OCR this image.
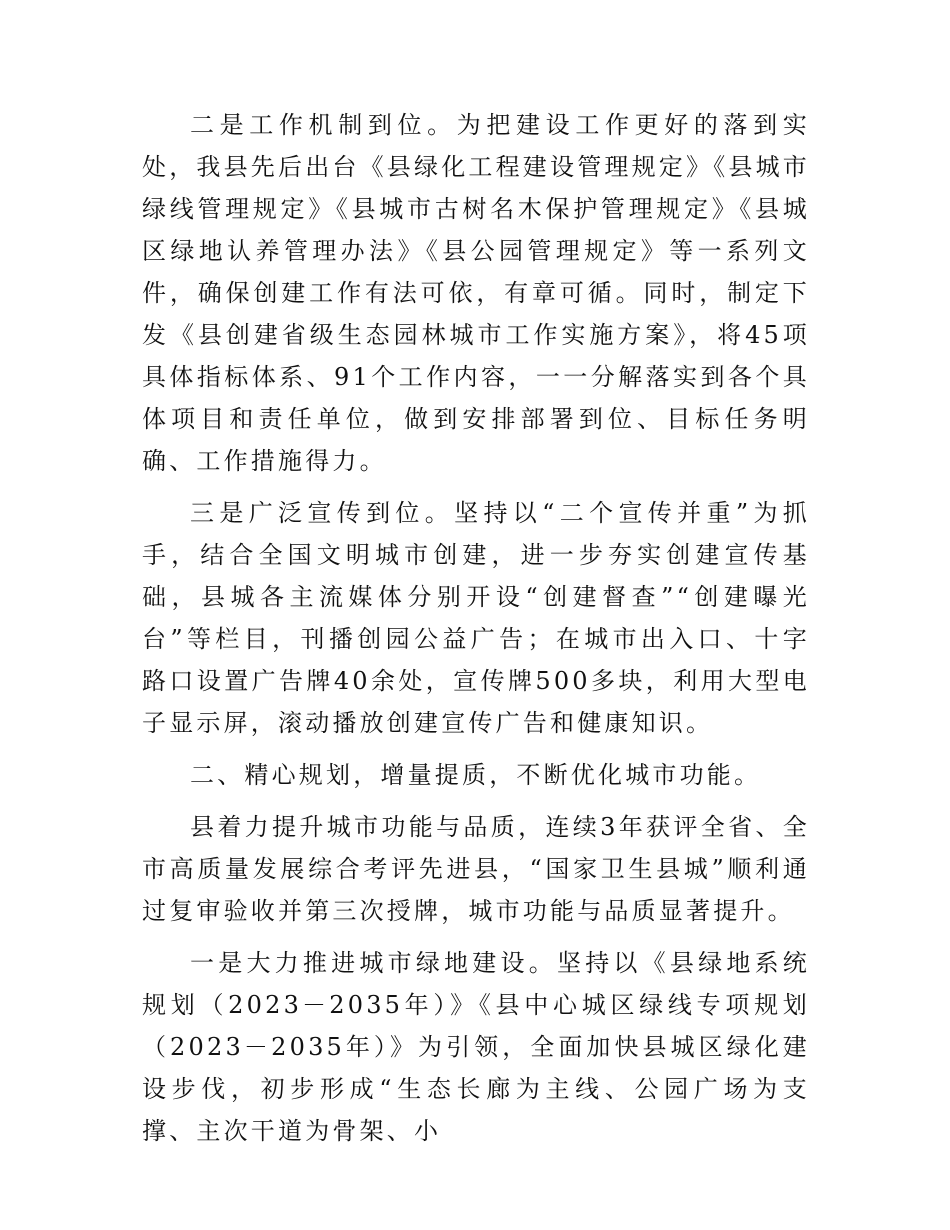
二是工作机制到位。为把建设工作更好的落到实处，我县先后出台《县绿化工程建设管理规定》《县城市绿线管理规定》《县城市古树名木保护管理规定》《县城区绿地认养管理办法》《县公园管理规定》等一系列文件，确保创建工作有法可依，有章可循。同时，制定下发《县创建省级生态园林城市工作实施方案》，将45项具体指标体系、91个工作内容，一一分解落实到各个具体项目和责任单位，做到安排部署到位、目标任务明确、工作措施得力。

三是广泛宣传到位。坚持以“二个宣传并重”为抓手，结合全国文明城市创建，进一步夯实创建宣传基础，县城各主流媒体分别开设“创建督查”“创建曝光台”等栏目，刊播创园公益广告；在城市出入口、十字路口设置广告牌40余处，宣传牌500多块，利用大型电子显示屏，滚动播放创建宣传广告和健康知识。

二、精心规划，增量提质，不断优化城市功能。

县着力提升城市功能与品质，连续3年获评全省、全市高质量发展综合考评先进县，“国家卫生县城”顺利通过复审验收并第三次授牌，城市功能与品质显著提升。

一是大力推进城市绿地建设。坚持以《县绿地系统规划（2023－2035年）》《县中心城区绿线专项规划（2023－2035年）》为引领，全面加快县城区绿化建设步伐，初步形成“生态长廊为主线、公园广场为支撑、主次干道为骨架、小
